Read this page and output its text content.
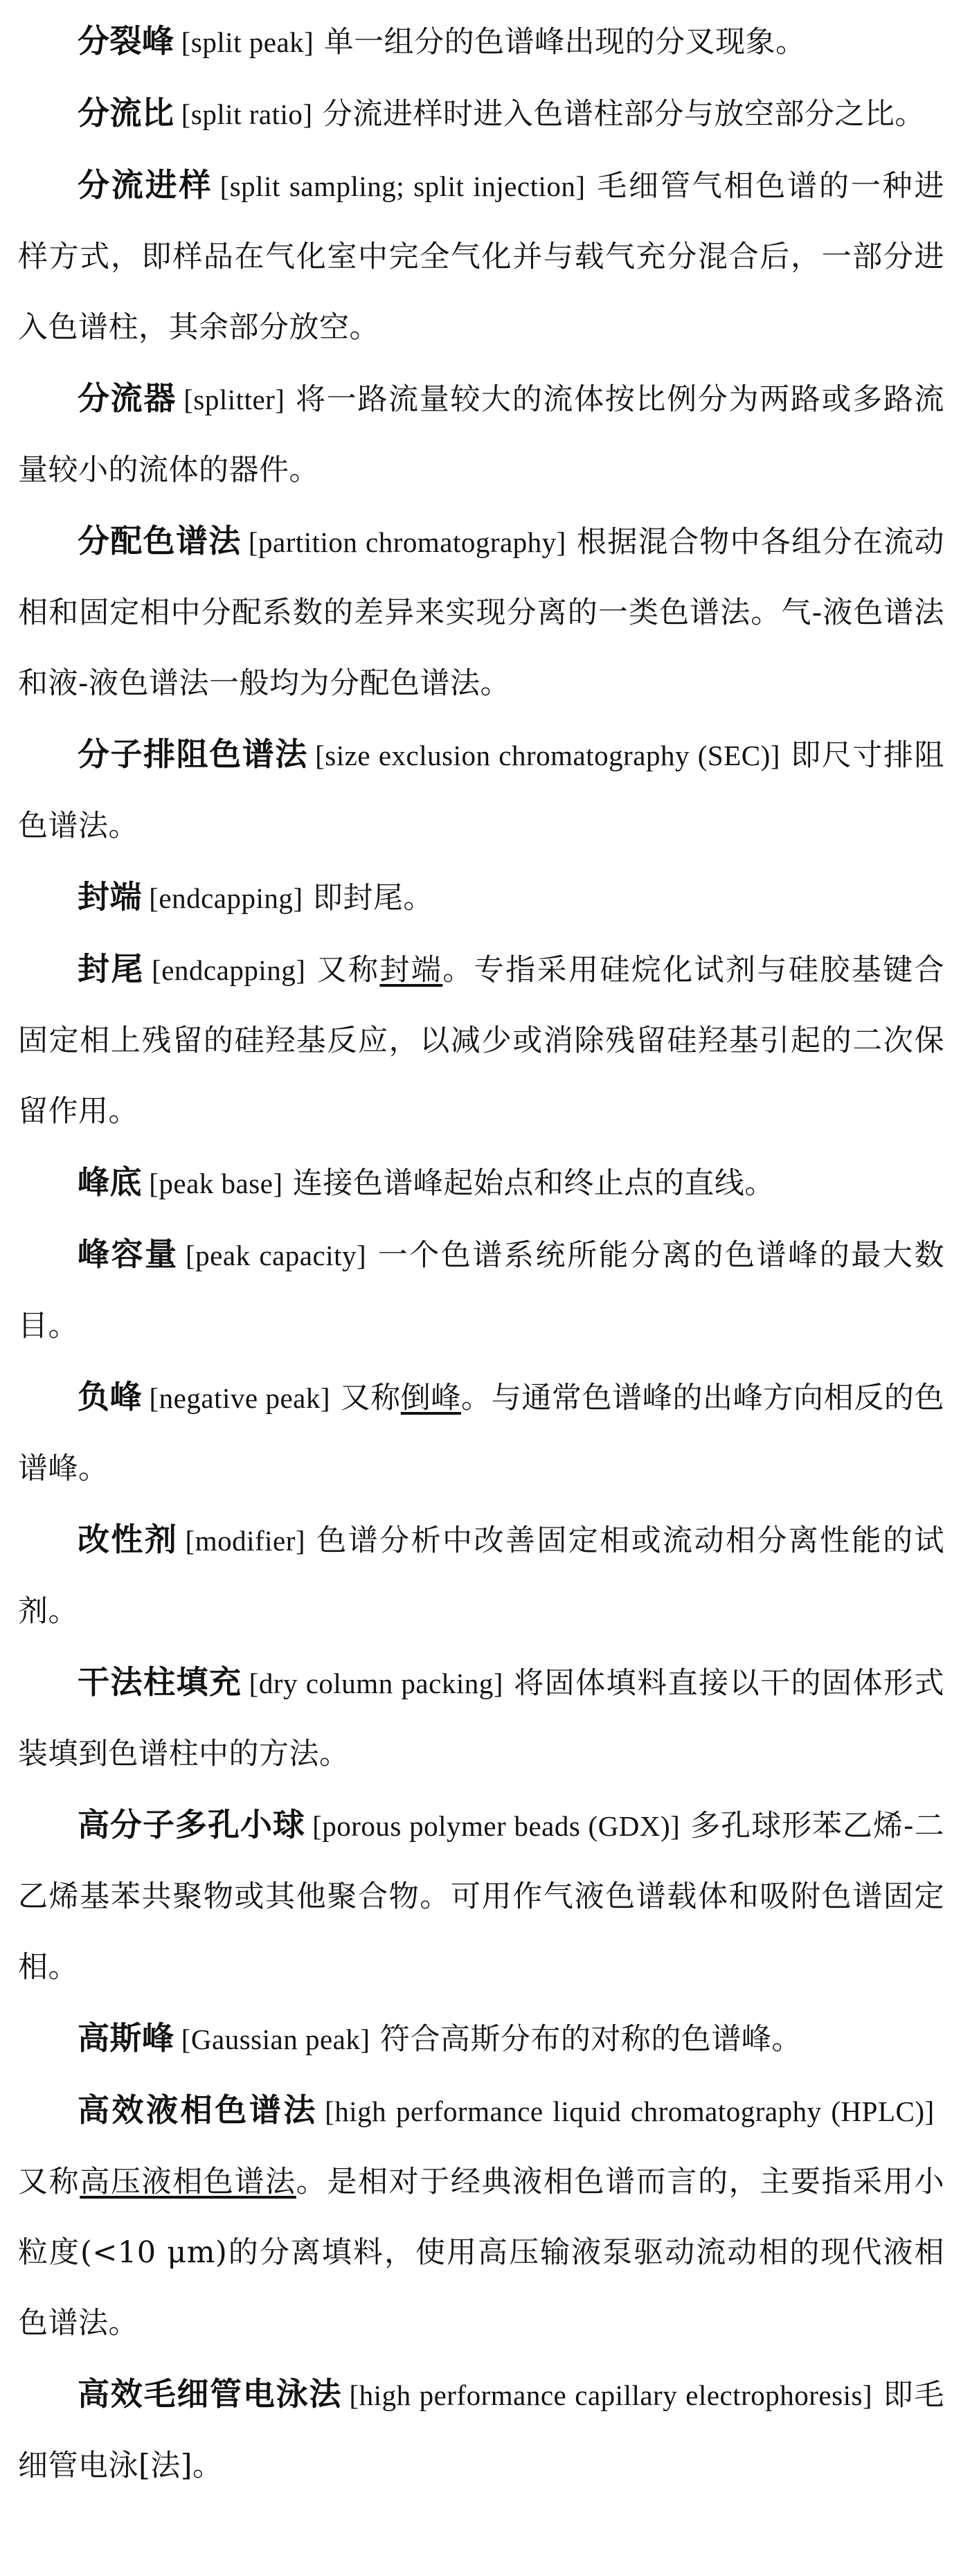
分裂峰 [split peak] 单一组分的色谱峰出现的分叉现象。

分流比 [split ratio] 分流进样时进入色谱柱部分与放空部分之比。

分流进样 [split sampling; split injection] 毛细管气相色谱的一种进样方式，即样品在气化室中完全气化并与载气充分混合后，一部分进入色谱柱，其余部分放空。

分流器 [splitter] 将一路流量较大的流体按比例分为两路或多路流量较小的流体的器件。

分配色谱法 [partition chromatography] 根据混合物中各组分在流动相和固定相中分配系数的差异来实现分离的一类色谱法。气-液色谱法和液-液色谱法一般均为分配色谱法。

分子排阻色谱法 [size exclusion chromatography (SEC)] 即尺寸排阻色谱法。

封端 [endcapping] 即封尾。

封尾 [endcapping] 又称封端。专指采用硅烷化试剂与硅胶基键合固定相上残留的硅羟基反应，以减少或消除残留硅羟基引起的二次保留作用。

峰底 [peak base] 连接色谱峰起始点和终止点的直线。

峰容量 [peak capacity] 一个色谱系统所能分离的色谱峰的最大数目。

负峰 [negative peak] 又称倒峰。与通常色谱峰的出峰方向相反的色谱峰。

改性剂 [modifier] 色谱分析中改善固定相或流动相分离性能的试剂。

干法柱填充 [dry column packing] 将固体填料直接以干的固体形式装填到色谱柱中的方法。

高分子多孔小球 [porous polymer beads (GDX)] 多孔球形苯乙烯-二乙烯基苯共聚物或其他聚合物。可用作气液色谱载体和吸附色谱固定相。

高斯峰 [Gaussian peak] 符合高斯分布的对称的色谱峰。

高效液相色谱法 [high performance liquid chromatography (HPLC)]又称高压液相色谱法。是相对于经典液相色谱而言的，主要指采用小粒度(<10 μm)的分离填料，使用高压输液泵驱动流动相的现代液相色谱法。

高效毛细管电泳法 [high performance capillary electrophoresis] 即毛细管电泳[法]。
